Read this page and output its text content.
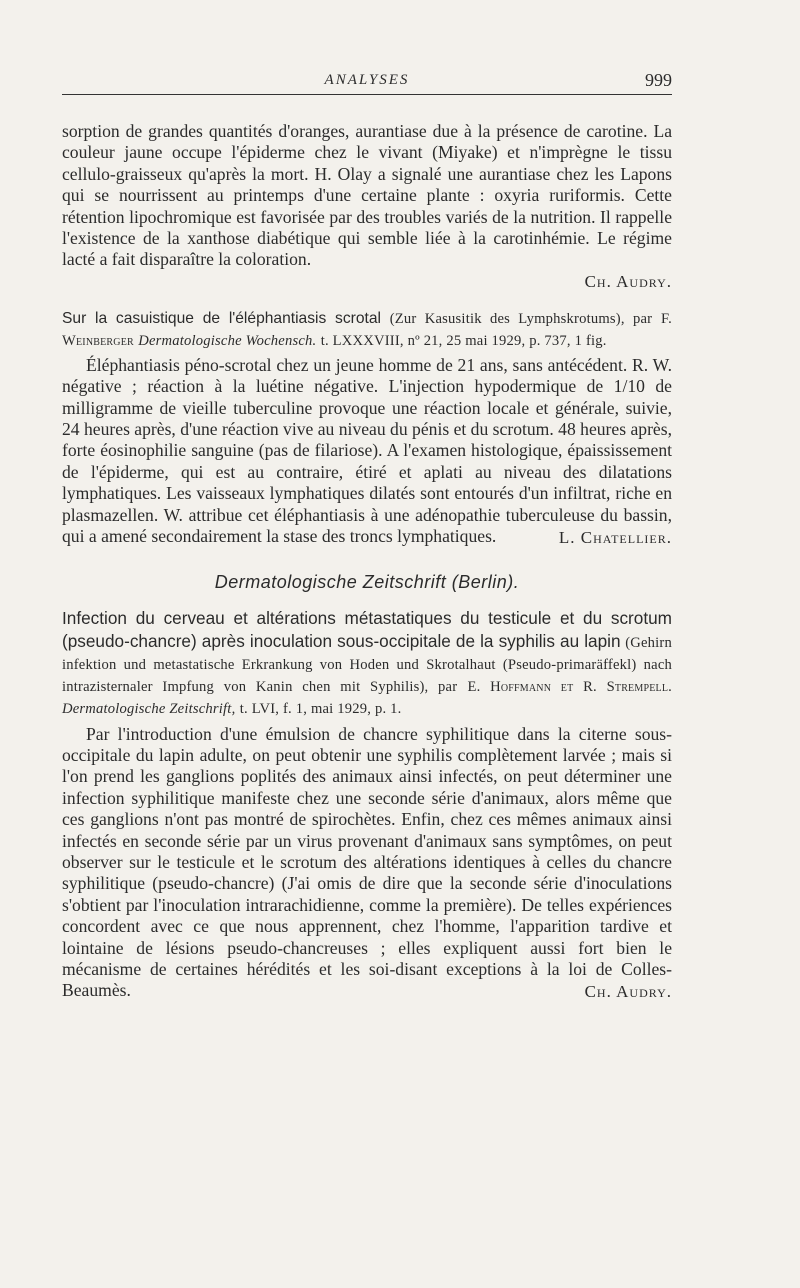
ANALYSES	999

sorption de grandes quantités d'oranges, aurantiase due à la présence de carotine. La couleur jaune occupe l'épiderme chez le vivant (Miyake) et n'imprègne le tissu cellulo-graisseux qu'après la mort. H. Olay a signalé une aurantiase chez les Lapons qui se nourrissent au printemps d'une certaine plante : oxyria ruriformis. Cette rétention lipochromique est favorisée par des troubles variés de la nutrition. Il rappelle l'existence de la xanthose diabétique qui semble liée à la carotinhémie. Le régime lacté a fait disparaître la coloration.

Ch. Audry.

Sur la casuistique de l'éléphantiasis scrotal (Zur Kasusitik des Lymphskrotums), par F. Weinberger Dermatologische Wochensch. t. LXXXVIII, nº 21, 25 mai 1929, p. 737, 1 fig.

Éléphantiasis péno-scrotal chez un jeune homme de 21 ans, sans antécédent. R. W. négative ; réaction à la luétine négative. L'injection hypodermique de 1/10 de milligramme de vieille tuberculine provoque une réaction locale et générale, suivie, 24 heures après, d'une réaction vive au niveau du pénis et du scrotum. 48 heures après, forte éosinophilie sanguine (pas de filariose). A l'examen histologique, épaississement de l'épiderme, qui est au contraire, étiré et aplati au niveau des dilatations lymphatiques. Les vaisseaux lymphatiques dilatés sont entourés d'un infiltrat, riche en plasmazellen. W. attribue cet éléphantiasis à une adénopathie tuberculeuse du bassin, qui a amené secondairement la stase des troncs lymphatiques.	L. Chatellier.

Dermatologische Zeitschrift (Berlin).

Infection du cerveau et altérations métastatiques du testicule et du scrotum (pseudo-chancre) après inoculation sous-occipitale de la syphilis au lapin (Gehirn infektion und metastatische Erkrankung von Hoden und Skrotalhaut (Pseudo-primaräffekl) nach intrazisternaler Impfung von Kanin chen mit Syphilis), par E. Hoffmann et R. Strempell. Dermatologische Zeitschrift, t. LVI, f. 1, mai 1929, p. 1.

Par l'introduction d'une émulsion de chancre syphilitique dans la citerne sous-occipitale du lapin adulte, on peut obtenir une syphilis complètement larvée ; mais si l'on prend les ganglions poplités des animaux ainsi infectés, on peut déterminer une infection syphilitique manifeste chez une seconde série d'animaux, alors même que ces ganglions n'ont pas montré de spirochètes. Enfin, chez ces mêmes animaux ainsi infectés en seconde série par un virus provenant d'animaux sans symptômes, on peut observer sur le testicule et le scrotum des altérations identiques à celles du chancre syphilitique (pseudo-chancre) (J'ai omis de dire que la seconde série d'inoculations s'obtient par l'inoculation intrarachidienne, comme la première). De telles expériences concordent avec ce que nous apprennent, chez l'homme, l'apparition tardive et lointaine de lésions pseudo-chancreuses ; elles expliquent aussi fort bien le mécanisme de certaines hérédités et les soi-disant exceptions à la loi de Colles-Beaumès.	Ch. Audry.
